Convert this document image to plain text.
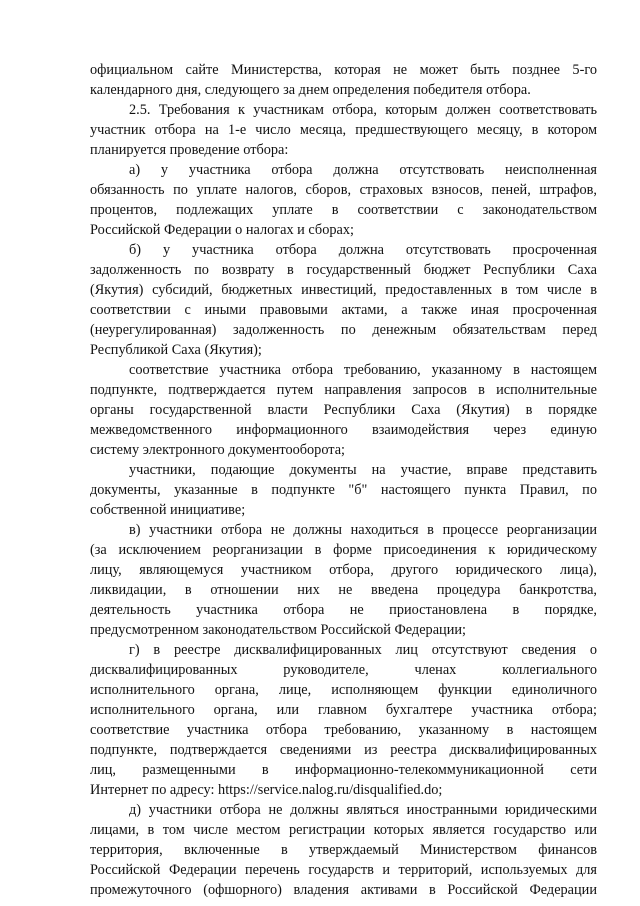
официальном сайте Министерства, которая не может быть позднее 5-го
календарного дня, следующего за днем определения победителя отбора.
2.5. Требования к участникам отбора, которым должен соответствовать
участник отбора на 1-е число месяца, предшествующего месяцу, в котором
планируется проведение отбора:
а) у участника отбора должна отсутствовать неисполненная
обязанность по уплате налогов, сборов, страховых взносов, пеней, штрафов,
процентов, подлежащих уплате в соответствии с законодательством
Российской Федерации о налогах и сборах;
б) у участника отбора должна отсутствовать просроченная
задолженность по возврату в государственный бюджет Республики Саха
(Якутия) субсидий, бюджетных инвестиций, предоставленных в том числе в
соответствии с иными правовыми актами, а также иная просроченная
(неурегулированная) задолженность по денежным обязательствам перед
Республикой Саха (Якутия);
соответствие участника отбора требованию, указанному в настоящем
подпункте, подтверждается путем направления запросов в исполнительные
органы государственной власти Республики Саха (Якутия) в порядке
межведомственного информационного взаимодействия через единую
систему электронного документооборота;
участники, подающие документы на участие, вправе представить
документы, указанные в подпункте "б" настоящего пункта Правил, по
собственной инициативе;
в) участники отбора не должны находиться в процессе реорганизации
(за исключением реорганизации в форме присоединения к юридическому
лицу, являющемуся участником отбора, другого юридического лица),
ликвидации, в отношении них не введена процедура банкротства,
деятельность участника отбора не приостановлена в порядке,
предусмотренном законодательством Российской Федерации;
г) в реестре дисквалифицированных лиц отсутствуют сведения о
дисквалифицированных руководителе, членах коллегиального
исполнительного органа, лице, исполняющем функции единоличного
исполнительного органа, или главном бухгалтере участника отбора;
соответствие участника отбора требованию, указанному в настоящем
подпункте, подтверждается сведениями из реестра дисквалифицированных
лиц, размещенными в информационно-телекоммуникационной сети
Интернет по адресу: https://service.nalog.ru/disqualified.do;
д) участники отбора не должны являться иностранными юридическими
лицами, в том числе местом регистрации которых является государство или
территория, включенные в утверждаемый Министерством финансов
Российской Федерации перечень государств и территорий, используемых для
промежуточного (офшорного) владения активами в Российской Федерации
